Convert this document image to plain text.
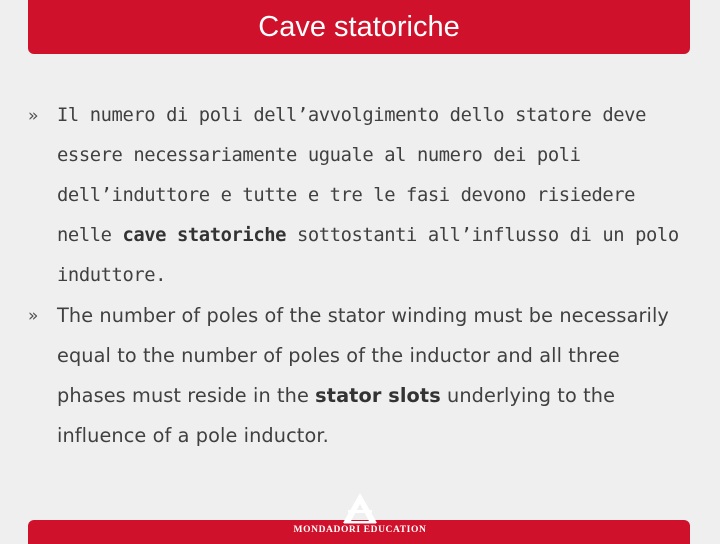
Cave statoriche

»	Il numero di poli dell’avvolgimento dello statore deve essere necessariamente uguale al numero dei poli dell’induttore e tutte e tre le fasi devono risiedere nelle cave statoriche sottostanti all’influsso di un polo induttore.

» The number of poles of the stator winding must be necessarily equal to the number of poles of the inductor and all three phases must reside in the stator slots underlying to the influence of a pole inductor.

MONDADORI EDUCATION
